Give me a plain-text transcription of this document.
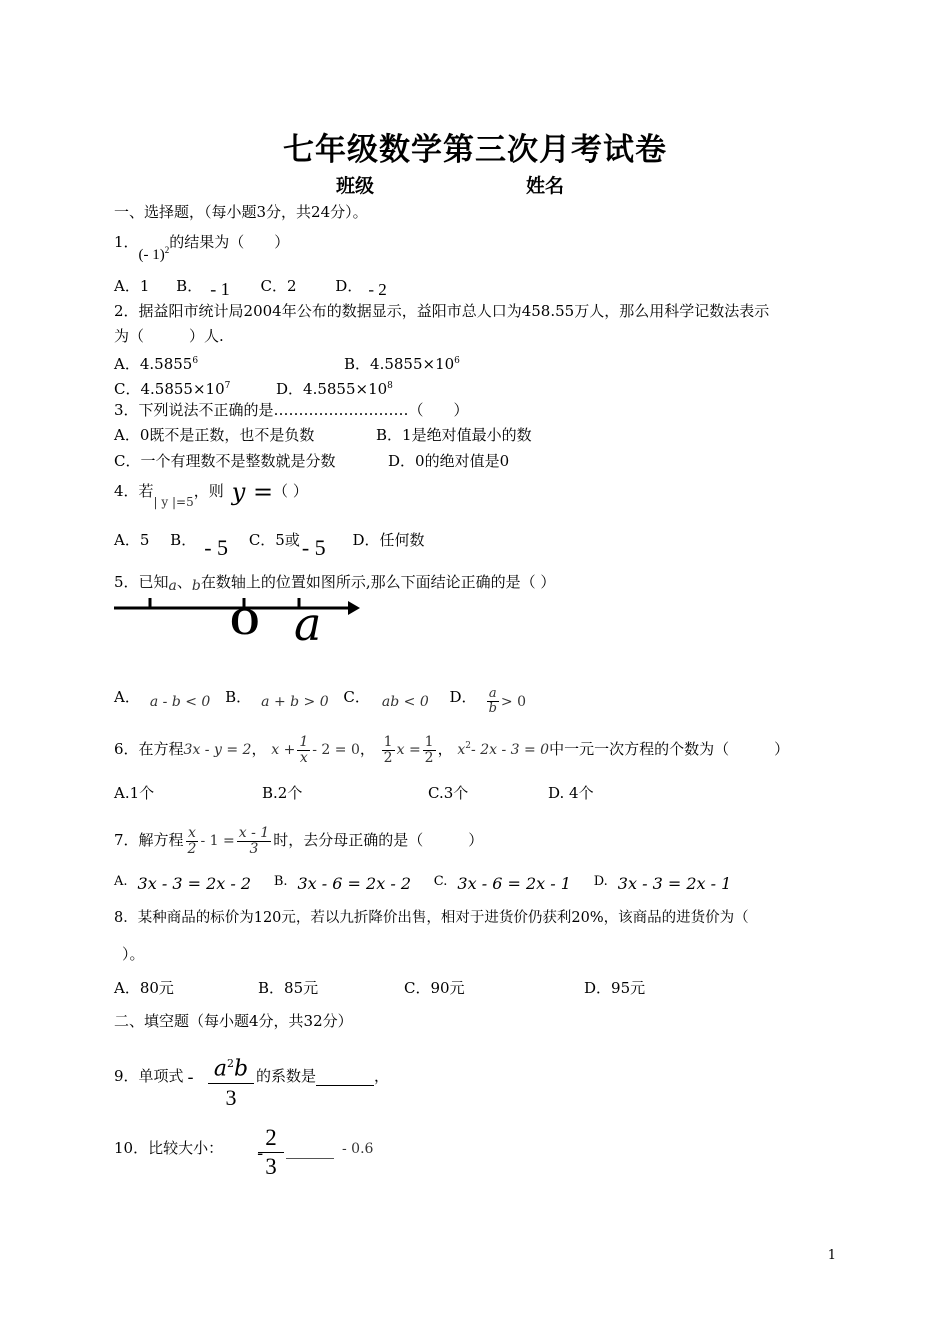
七年级数学第三次月考试卷
班级	姓名
一、选择题，（每小题3分，共24分）。
1．(- 1)$^2$的结果为（　　）
A．1 B． - 1 C．2	D． - 2
2．据益阳市统计局2004年公布的数据显示，益阳市总人口为458.55万人，那么用科学记数法表示
为（　　　）人.
A．4.5855$^6$	B．$4.5855\times 10^6$
C．$4.5855\times 10^7$	D．$4.5855\times 10^8$
3．下列说法不正确的是………………………（　　）
A．0既不是正数，也不是负数	B．1是绝对值最小的数
C．一个有理数不是整数就是分数	D．0的绝对值是0
4．若$_{| y |=5}$，则 y =（ ）
A．5 B． - 5 C．5或- 5 D．任何数
5．已知a、b在数轴上的位置如图所示,那么下面结论正确的是（ ）
O a
A． a - b < 0 B． a + b > 0 C． ab < 0 D． $\frac{a}{b} > 0$
6．在方程3x - y = 2， $x + \frac{1}{x} - 2 = 0$， $\frac{1}{2}$ $x = \frac{1}{2}$ ， $x^2-$ 2x - 3 = 0中一元一次方程的个数为（　　　）
A.1个	B.2个	C.3个	D. 4个
7．解方程 $\frac{x}{2} - 1 = \frac{x - 1}{3}$ 时，去分母正确的是（　　　）
A. 3x - 3 = 2x - 2 B. 3x - 6 = 2x - 2 C. 3x - 6 = 2x - 1 D. 3x - 3 = 2x - 1
8．某种商品的标价为120元，若以九折降价出售，相对于进货价仍获利20%，该商品的进货价为（
）。
A．80元	B．85元	C．90元	D．95元
二、填空题（每小题4分，共32分）
9．单项式 - $a^2b$
3
的系数是	，
10．比较大小： -
2
3
- 0.6
1
